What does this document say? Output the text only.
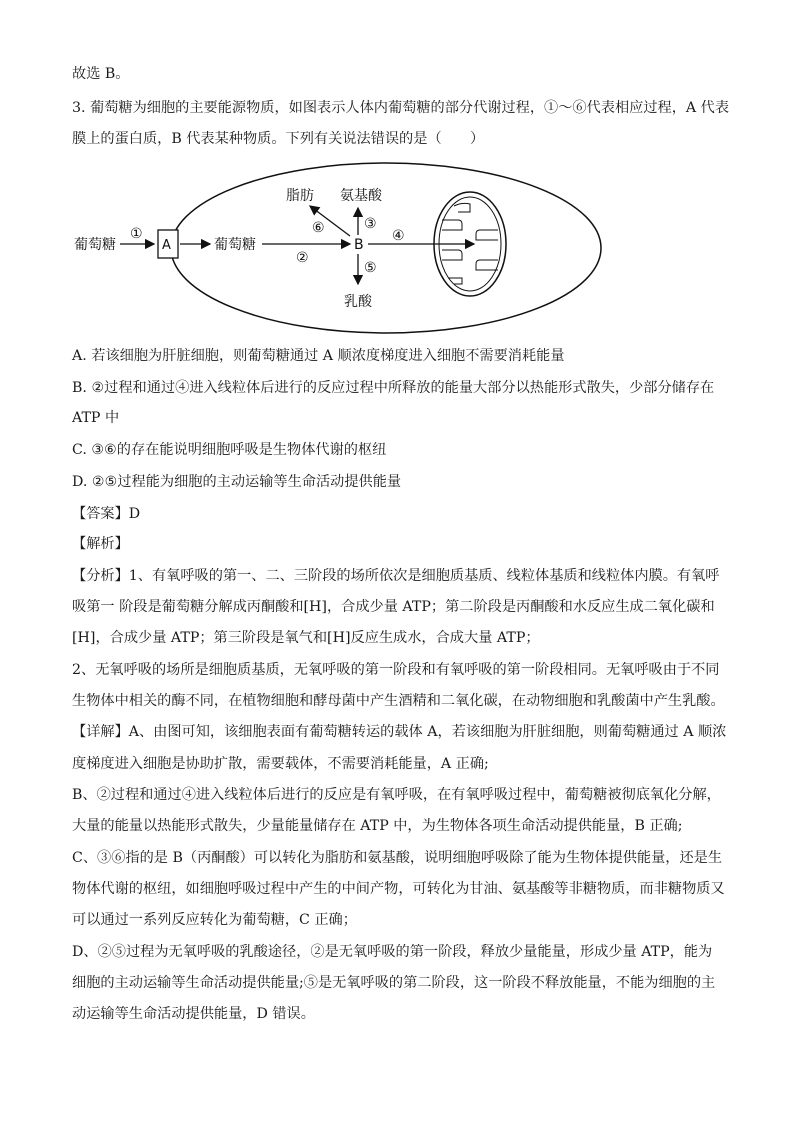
故选 B。
3. 葡萄糖为细胞的主要能源物质，如图表示人体内葡萄糖的部分代谢过程，①～⑥代表相应过程，A 代表
膜上的蛋白质，B 代表某种物质。下列有关说法错误的是（　　）
葡萄糖
①
A	葡萄糖
②
B
脂肪
⑥
氨基酸
③
④
⑤
乳酸
A. 若该细胞为肝脏细胞，则葡萄糖通过 A 顺浓度梯度进入细胞不需要消耗能量
B. ②过程和通过④进入线粒体后进行的反应过程中所释放的能量大部分以热能形式散失，少部分储存在
ATP 中
C. ③⑥的存在能说明细胞呼吸是生物体代谢的枢纽
D. ②⑤过程能为细胞的主动运输等生命活动提供能量
【答案】D
【解析】
【分析】1、有氧呼吸的第一、二、三阶段的场所依次是细胞质基质、线粒体基质和线粒体内膜。有氧呼
吸第一 阶段是葡萄糖分解成丙酮酸和[H]，合成少量 ATP；第二阶段是丙酮酸和水反应生成二氧化碳和
[H]，合成少量 ATP；第三阶段是氧气和[H]反应生成水，合成大量 ATP；
2、无氧呼吸的场所是细胞质基质，无氧呼吸的第一阶段和有氧呼吸的第一阶段相同。无氧呼吸由于不同
生物体中相关的酶不同，在植物细胞和酵母菌中产生酒精和二氧化碳，在动物细胞和乳酸菌中产生乳酸。
【详解】A、由图可知，该细胞表面有葡萄糖转运的载体 A，若该细胞为肝脏细胞，则葡萄糖通过 A 顺浓
度梯度进入细胞是协助扩散，需要载体，不需要消耗能量，A 正确;
B、②过程和通过④进入线粒体后进行的反应是有氧呼吸，在有氧呼吸过程中，葡萄糖被彻底氧化分解，
大量的能量以热能形式散失，少量能量储存在 ATP 中，为生物体各项生命活动提供能量，B 正确;
C、③⑥指的是 B（丙酮酸）可以转化为脂肪和氨基酸，说明细胞呼吸除了能为生物体提供能量，还是生
物体代谢的枢纽，如细胞呼吸过程中产生的中间产物，可转化为甘油、氨基酸等非糖物质，而非糖物质又
可以通过一系列反应转化为葡萄糖，C 正确；
D、②⑤过程为无氧呼吸的乳酸途径，②是无氧呼吸的第一阶段，释放少量能量，形成少量 ATP，能为
细胞的主动运输等生命活动提供能量;⑤是无氧呼吸的第二阶段，这一阶段不释放能量，不能为细胞的主
动运输等生命活动提供能量，D 错误。
